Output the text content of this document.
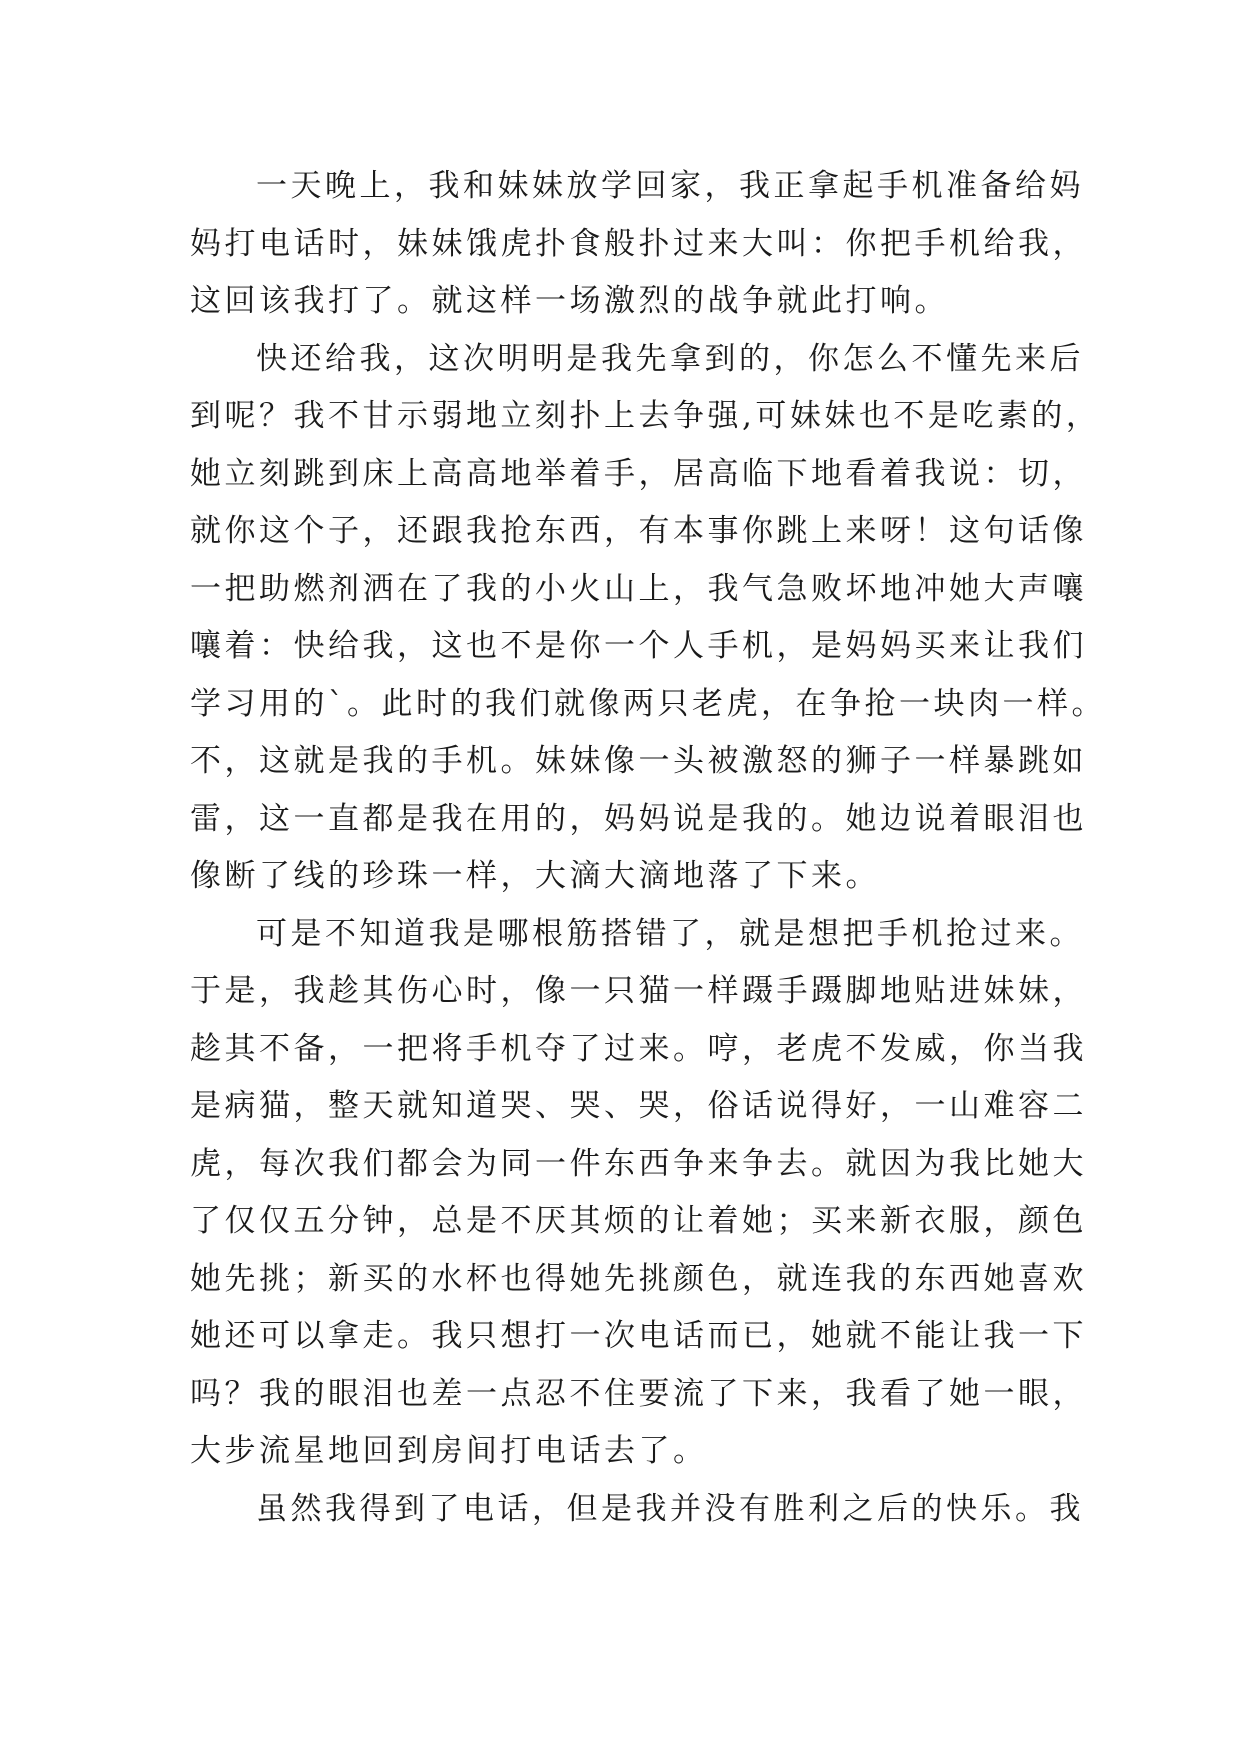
一天晚上，我和妹妹放学回家，我正拿起手机准备给妈
妈打电话时，妹妹饿虎扑食般扑过来大叫：你把手机给我，
这回该我打了。就这样一场激烈的战争就此打响。

快还给我，这次明明是我先拿到的，你怎么不懂先来后
到呢？我不甘示弱地立刻扑上去争强,可妹妹也不是吃素的，
她立刻跳到床上高高地举着手，居高临下地看着我说：切，
就你这个子，还跟我抢东西，有本事你跳上来呀！这句话像
一把助燃剂洒在了我的小火山上，我气急败坏地冲她大声嚷
嚷着：快给我，这也不是你一个人手机，是妈妈买来让我们
学习用的`。此时的我们就像两只老虎，在争抢一块肉一样。
不，这就是我的手机。妹妹像一头被激怒的狮子一样暴跳如
雷，这一直都是我在用的，妈妈说是我的。她边说着眼泪也
像断了线的珍珠一样，大滴大滴地落了下来。

可是不知道我是哪根筋搭错了，就是想把手机抢过来。
于是，我趁其伤心时，像一只猫一样蹑手蹑脚地贴进妹妹，
趁其不备，一把将手机夺了过来。哼，老虎不发威，你当我
是病猫，整天就知道哭、哭、哭，俗话说得好，一山难容二
虎，每次我们都会为同一件东西争来争去。就因为我比她大
了仅仅五分钟，总是不厌其烦的让着她；买来新衣服，颜色
她先挑；新买的水杯也得她先挑颜色，就连我的东西她喜欢
她还可以拿走。我只想打一次电话而已，她就不能让我一下
吗？我的眼泪也差一点忍不住要流了下来，我看了她一眼，
大步流星地回到房间打电话去了。

虽然我得到了电话，但是我并没有胜利之后的快乐。我
